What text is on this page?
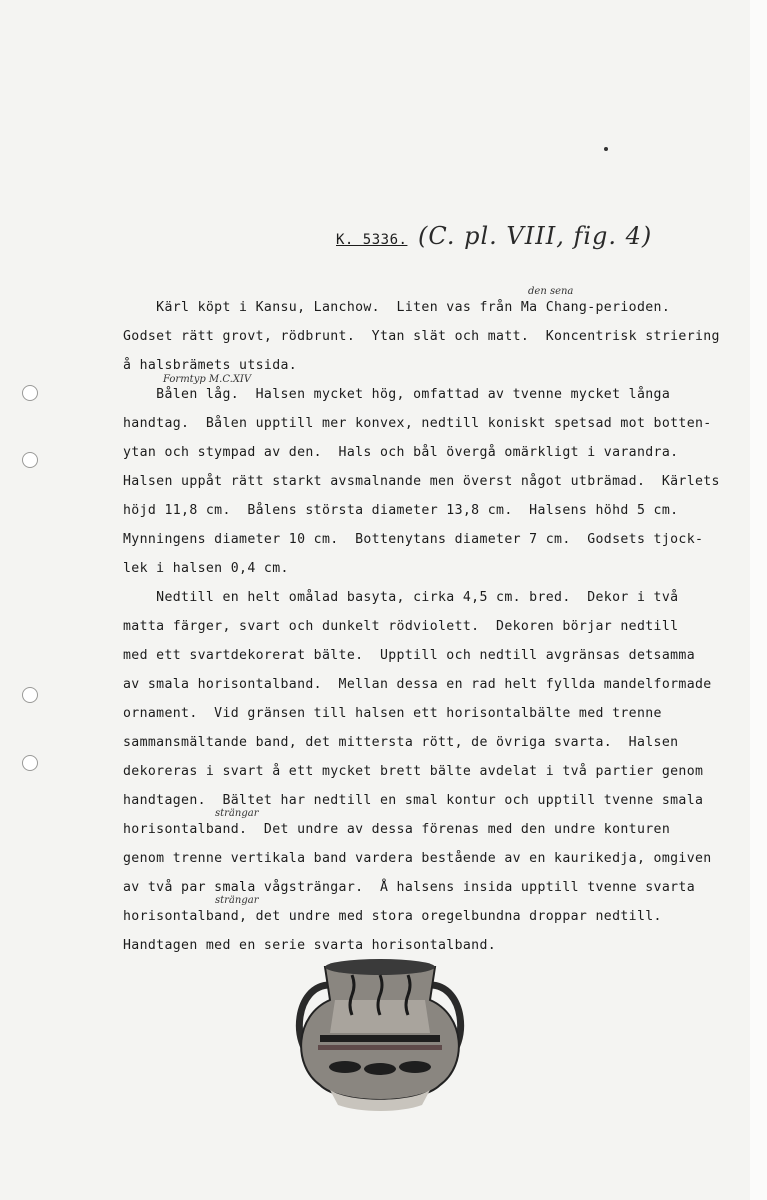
K. 5336. (C. pl. VIII, fig. 4)
Kärl köpt i Kansu, Lanchow.  Liten vas från Ma Chang-perioden.
Godset rätt grovt, rödbrunt.  Ytan slät och matt.  Koncentrisk striering
å halsbrämets utsida.
Bålen låg.  Halsen mycket hög, omfattad av tvenne mycket långa
handtag.  Bålen upptill mer konvex, nedtill koniskt spetsad mot botten-
ytan och stympad av den.  Hals och bål övergå omärkligt i varandra.
Halsen uppåt rätt starkt avsmalnande men överst något utbrämad.  Kärlets
höjd 11,8 cm.  Bålens största diameter 13,8 cm.  Halsens höhd 5 cm.
Mynningens diameter 10 cm.  Bottenytans diameter 7 cm.  Godsets tjock-
lek i halsen 0,4 cm.
Nedtill en helt omålad basyta, cirka 4,5 cm. bred.  Dekor i två
matta färger, svart och dunkelt rödviolett.  Dekoren börjar nedtill
med ett svartdekorerat bälte.  Upptill och nedtill avgränsas detsamma
av smala horisontalband.  Mellan dessa en rad helt fyllda mandelformade
ornament.  Vid gränsen till halsen ett horisontalbälte med trenne
sammansmältande band, det mittersta rött, de övriga svarta.  Halsen
dekoreras i svart å ett mycket brett bälte avdelat i två partier genom
handtagen.  Bältet har nedtill en smal kontur och upptill tvenne smala
horisontalband.  Det undre av dessa förenas med den undre konturen
genom trenne vertikala band vardera bestående av en kaurikedja, omgiven
av två par smala vågsträngar.  Å halsens insida upptill tvenne svarta
horisontalband, det undre med stora oregelbundna droppar nedtill.
Handtagen med en serie svarta horisontalband.
den sena
Formtyp M.C.XIV
strängar
strängar
